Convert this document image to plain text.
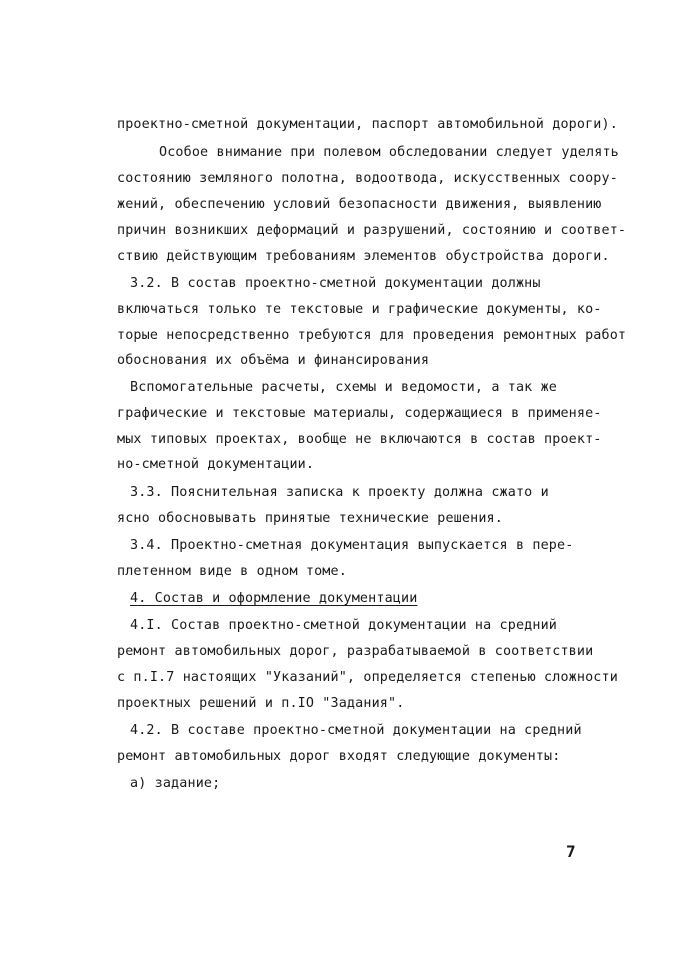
проектно-сметной документации, паспорт автомобильной дороги).
Особое внимание при полевом обследовании следует уделять
состоянию земляного полотна, водоотвода, искусственных соору-
жений, обеспечению условий безопасности движения, выявлению
причин возникших деформаций и разрушений, состоянию и соответ-
ствию действующим требованиям элементов обустройства дороги.
3.2. В состав проектно-сметной документации должны
включаться только те текстовые и графические документы, ко-
торые непосредственно требуются для проведения ремонтных работ
обоснования их объёма и финансирования
Вспомогательные расчеты, схемы и ведомости, а так же
графические и текстовые материалы, содержащиеся в применяе-
мых типовых проектах, вообще не включаются в состав проект-
но-сметной документации.
3.3. Пояснительная записка к проекту должна сжато и
ясно обосновывать принятые технические решения.
3.4. Проектно-сметная документация выпускается в пере-
плетенном виде в одном томе.
4. Состав и оформление документации
4.I. Состав проектно-сметной документации на средний
ремонт автомобильных дорог, разрабатываемой в соответствии
с п.I.7 настоящих "Указаний", определяется степенью сложности
проектных решений и п.IO "Задания".
4.2. В составе проектно-сметной документации на средний
ремонт автомобильных дорог входят следующие документы:
а) задание;
7
